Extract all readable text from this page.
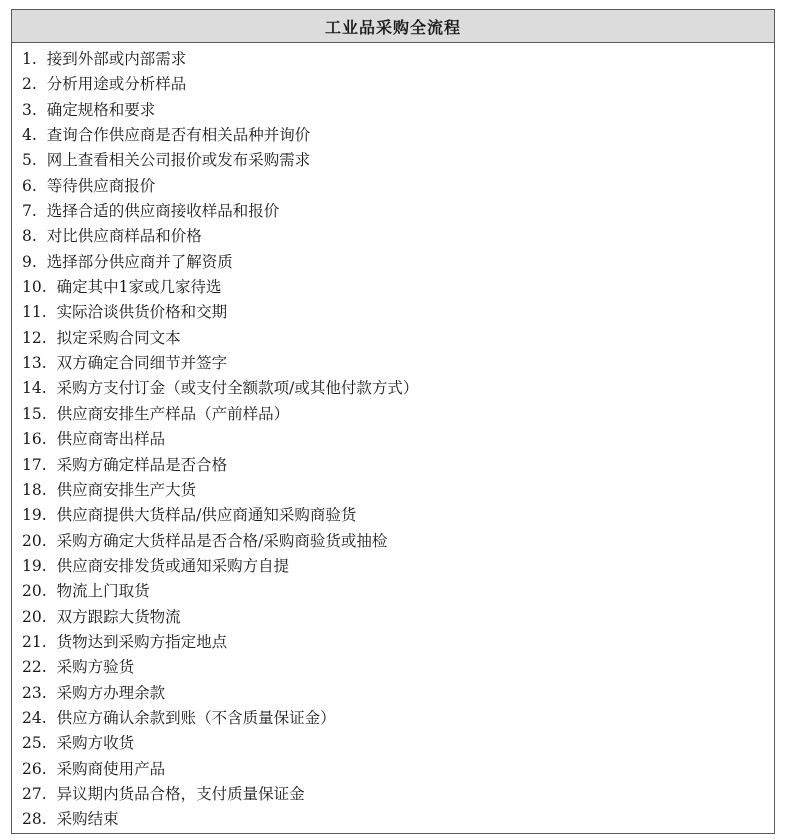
工业品采购全流程
1. 接到外部或内部需求
2. 分析用途或分析样品
3. 确定规格和要求
4. 查询合作供应商是否有相关品种并询价
5. 网上查看相关公司报价或发布采购需求
6. 等待供应商报价
7. 选择合适的供应商接收样品和报价
8. 对比供应商样品和价格
9. 选择部分供应商并了解资质
10. 确定其中1家或几家待选
11. 实际洽谈供货价格和交期
12. 拟定采购合同文本
13. 双方确定合同细节并签字
14. 采购方支付订金（或支付全额款项/或其他付款方式）
15. 供应商安排生产样品（产前样品）
16. 供应商寄出样品
17. 采购方确定样品是否合格
18. 供应商安排生产大货
19. 供应商提供大货样品/供应商通知采购商验货
20. 采购方确定大货样品是否合格/采购商验货或抽检
19. 供应商安排发货或通知采购方自提
20. 物流上门取货
20. 双方跟踪大货物流
21. 货物达到采购方指定地点
22. 采购方验货
23. 采购方办理余款
24. 供应方确认余款到账（不含质量保证金）
25. 采购方收货
26. 采购商使用产品
27. 异议期内货品合格，支付质量保证金
28. 采购结束
